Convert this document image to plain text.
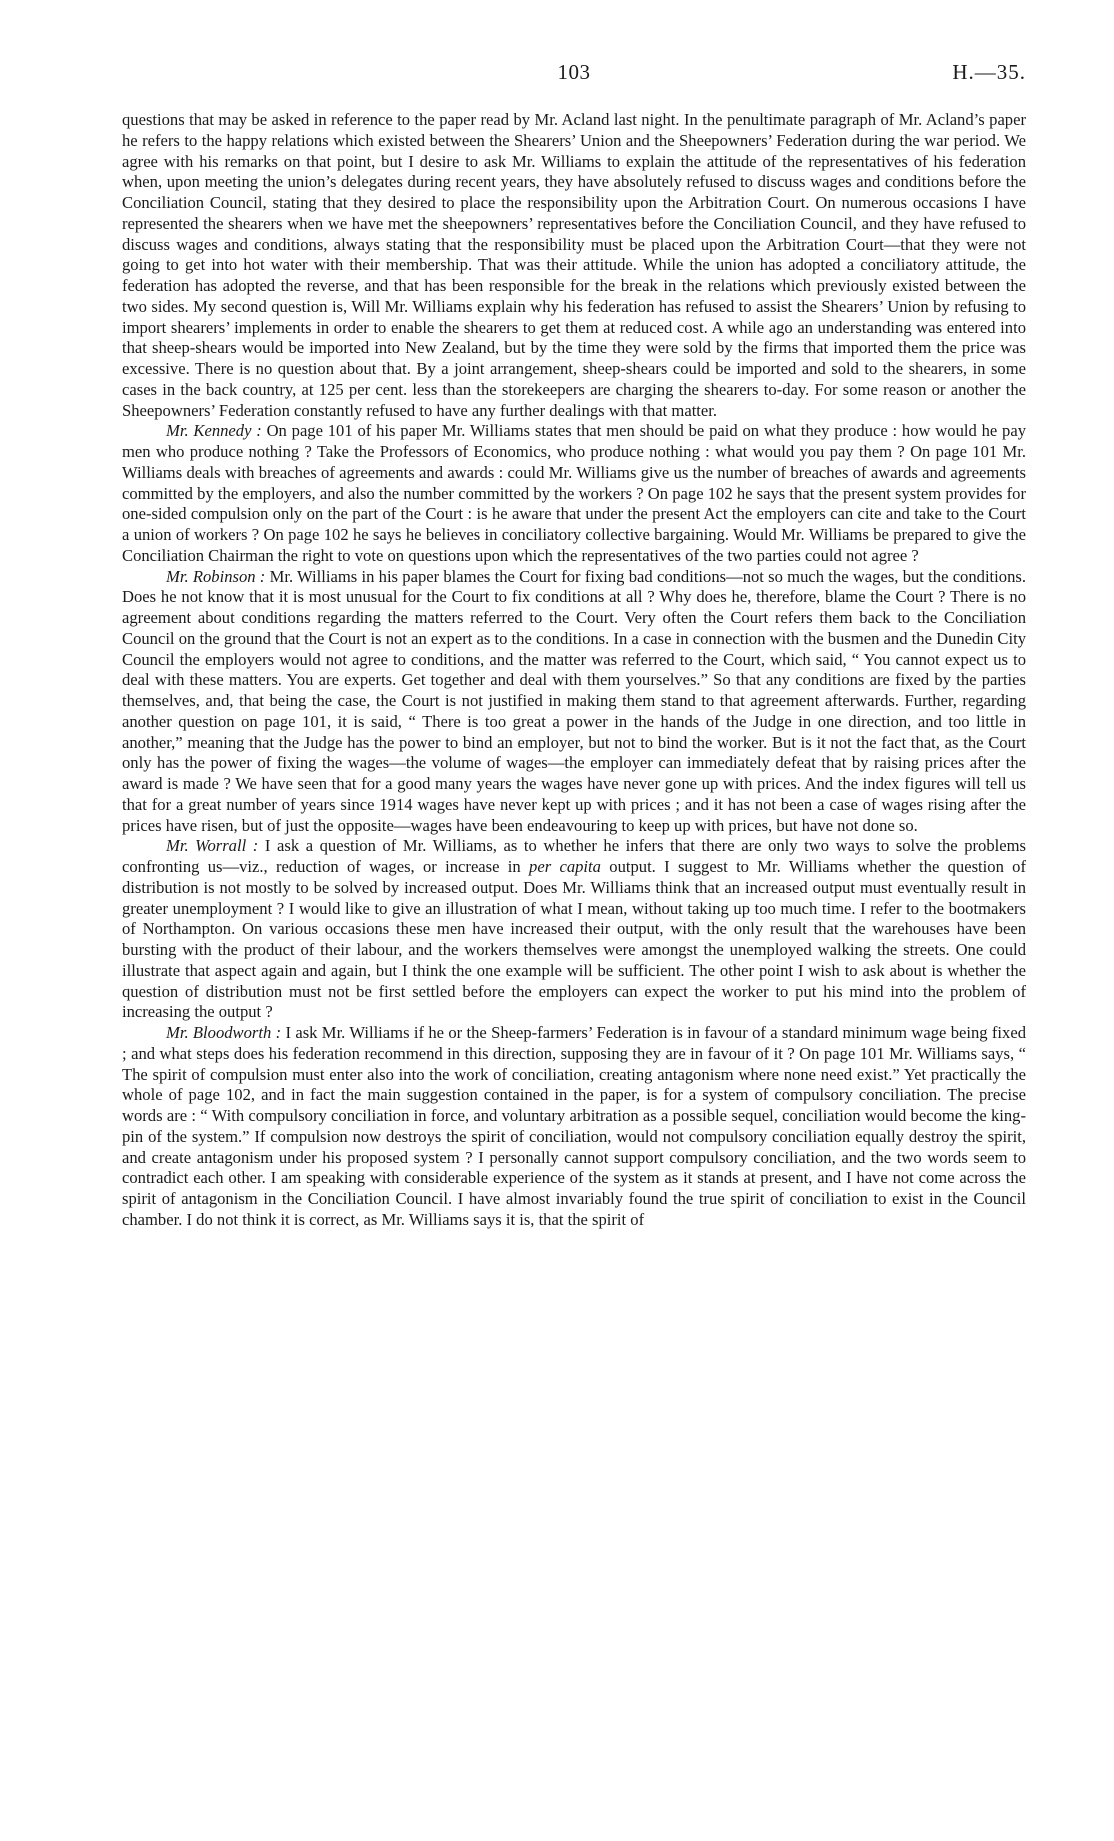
103	H.—35.

questions that may be asked in reference to the paper read by Mr. Acland last night. In the penultimate paragraph of Mr. Acland’s paper he refers to the happy relations which existed between the Shearers’ Union and the Sheepowners’ Federation during the war period. We agree with his remarks on that point, but I desire to ask Mr. Williams to explain the attitude of the representatives of his federation when, upon meeting the union’s delegates during recent years, they have absolutely refused to discuss wages and conditions before the Conciliation Council, stating that they desired to place the responsibility upon the Arbitration Court. On numerous occasions I have represented the shearers when we have met the sheepowners’ representatives before the Conciliation Council, and they have refused to discuss wages and conditions, always stating that the responsibility must be placed upon the Arbitration Court—that they were not going to get into hot water with their membership. That was their attitude. While the union has adopted a conciliatory attitude, the federation has adopted the reverse, and that has been responsible for the break in the relations which previously existed between the two sides. My second question is, Will Mr. Williams explain why his federation has refused to assist the Shearers’ Union by refusing to import shearers’ implements in order to enable the shearers to get them at reduced cost. A while ago an understanding was entered into that sheep-shears would be imported into New Zealand, but by the time they were sold by the firms that imported them the price was excessive. There is no question about that. By a joint arrangement, sheep-shears could be imported and sold to the shearers, in some cases in the back country, at 125 per cent. less than the storekeepers are charging the shearers to-day. For some reason or another the Sheepowners’ Federation constantly refused to have any further dealings with that matter.

Mr. Kennedy : On page 101 of his paper Mr. Williams states that men should be paid on what they produce : how would he pay men who produce nothing ? Take the Professors of Economics, who produce nothing : what would you pay them ? On page 101 Mr. Williams deals with breaches of agreements and awards : could Mr. Williams give us the number of breaches of awards and agreements committed by the employers, and also the number committed by the workers ? On page 102 he says that the present system provides for one-sided compulsion only on the part of the Court : is he aware that under the present Act the employers can cite and take to the Court a union of workers ? On page 102 he says he believes in conciliatory collective bargaining. Would Mr. Williams be prepared to give the Conciliation Chairman the right to vote on questions upon which the representatives of the two parties could not agree ?

Mr. Robinson : Mr. Williams in his paper blames the Court for fixing bad conditions—not so much the wages, but the conditions. Does he not know that it is most unusual for the Court to fix conditions at all ? Why does he, therefore, blame the Court ? There is no agreement about conditions regarding the matters referred to the Court. Very often the Court refers them back to the Conciliation Council on the ground that the Court is not an expert as to the conditions. In a case in connection with the busmen and the Dunedin City Council the employers would not agree to conditions, and the matter was referred to the Court, which said, “ You cannot expect us to deal with these matters. You are experts. Get together and deal with them yourselves.” So that any conditions are fixed by the parties themselves, and, that being the case, the Court is not justified in making them stand to that agreement afterwards. Further, regarding another question on page 101, it is said, “ There is too great a power in the hands of the Judge in one direction, and too little in another,” meaning that the Judge has the power to bind an employer, but not to bind the worker. But is it not the fact that, as the Court only has the power of fixing the wages—the volume of wages—the employer can immediately defeat that by raising prices after the award is made ? We have seen that for a good many years the wages have never gone up with prices. And the index figures will tell us that for a great number of years since 1914 wages have never kept up with prices ; and it has not been a case of wages rising after the prices have risen, but of just the opposite—wages have been endeavouring to keep up with prices, but have not done so.

Mr. Worrall : I ask a question of Mr. Williams, as to whether he infers that there are only two ways to solve the problems confronting us—viz., reduction of wages, or increase in per capita output. I suggest to Mr. Williams whether the question of distribution is not mostly to be solved by increased output. Does Mr. Williams think that an increased output must eventually result in greater unemployment ? I would like to give an illustration of what I mean, without taking up too much time. I refer to the bootmakers of Northampton. On various occasions these men have increased their output, with the only result that the warehouses have been bursting with the product of their labour, and the workers themselves were amongst the unemployed walking the streets. One could illustrate that aspect again and again, but I think the one example will be sufficient. The other point I wish to ask about is whether the question of distribution must not be first settled before the employers can expect the worker to put his mind into the problem of increasing the output ?

Mr. Bloodworth : I ask Mr. Williams if he or the Sheep-farmers’ Federation is in favour of a standard minimum wage being fixed ; and what steps does his federation recommend in this direction, supposing they are in favour of it ? On page 101 Mr. Williams says, “ The spirit of compulsion must enter also into the work of conciliation, creating antagonism where none need exist.” Yet practically the whole of page 102, and in fact the main suggestion contained in the paper, is for a system of compulsory conciliation. The precise words are : “ With compulsory conciliation in force, and voluntary arbitration as a possible sequel, conciliation would become the king-pin of the system.” If compulsion now destroys the spirit of conciliation, would not compulsory conciliation equally destroy the spirit, and create antagonism under his proposed system ? I personally cannot support compulsory conciliation, and the two words seem to contradict each other. I am speaking with considerable experience of the system as it stands at present, and I have not come across the spirit of antagonism in the Conciliation Council. I have almost invariably found the true spirit of conciliation to exist in the Council chamber. I do not think it is correct, as Mr. Williams says it is, that the spirit of
